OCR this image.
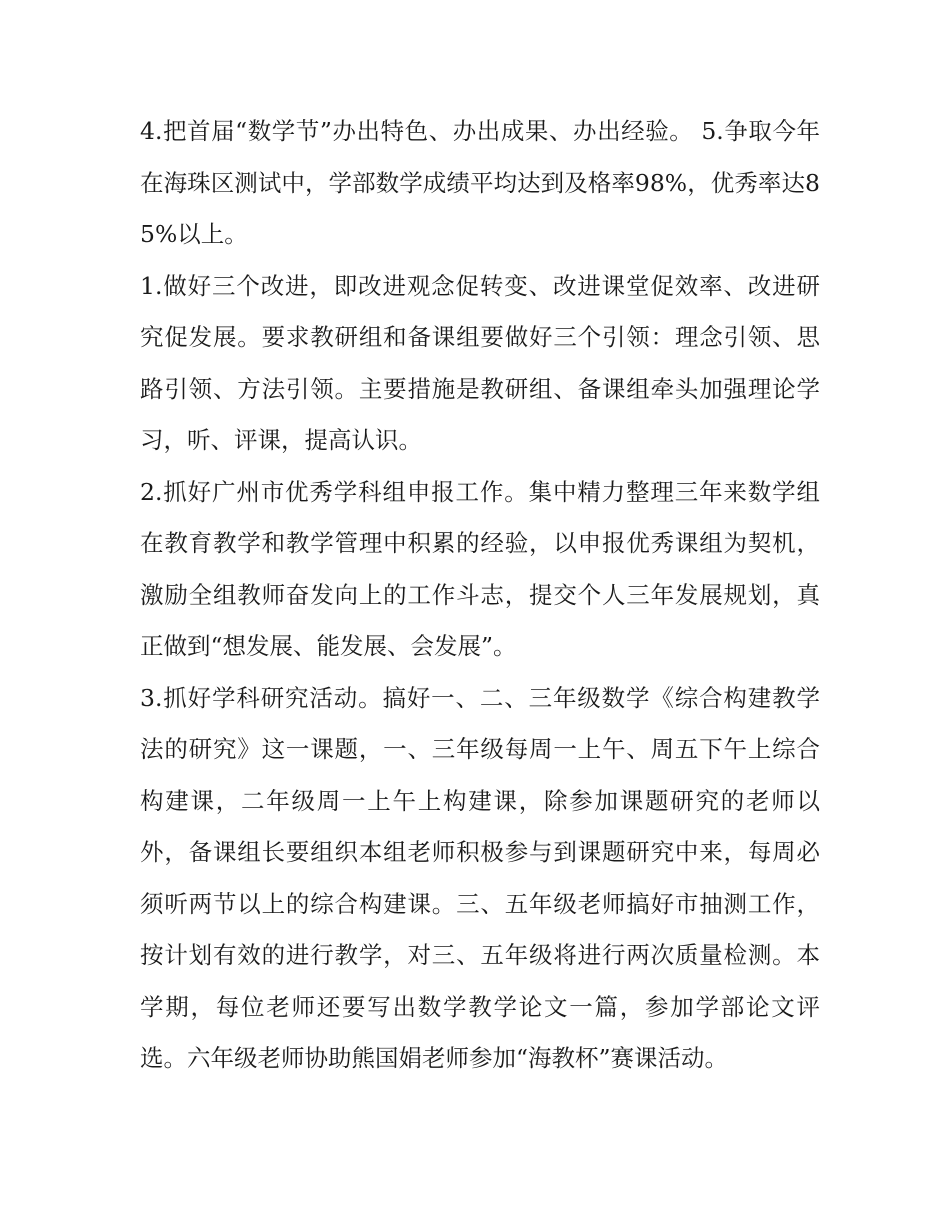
4.把首届“数学节”办出特色、办出成果、办出经验。 5.争取今年在海珠区测试中，学部数学成绩平均达到及格率98%，优秀率达85%以上。

1.做好三个改进，即改进观念促转变、改进课堂促效率、改进研究促发展。要求教研组和备课组要做好三个引领：理念引领、思路引领、方法引领。主要措施是教研组、备课组牵头加强理论学习，听、评课，提高认识。

2.抓好广州市优秀学科组申报工作。集中精力整理三年来数学组在教育教学和教学管理中积累的经验，以申报优秀课组为契机，激励全组教师奋发向上的工作斗志，提交个人三年发展规划，真正做到“想发展、能发展、会发展”。

3.抓好学科研究活动。搞好一、二、三年级数学《综合构建教学法的研究》这一课题，一、三年级每周一上午、周五下午上综合构建课，二年级周一上午上构建课，除参加课题研究的老师以外，备课组长要组织本组老师积极参与到课题研究中来，每周必须听两节以上的综合构建课。三、五年级老师搞好市抽测工作，按计划有效的进行教学，对三、五年级将进行两次质量检测。本学期，每位老师还要写出数学教学论文一篇，参加学部论文评选。六年级老师协助熊国娟老师参加“海教杯”赛课活动。
